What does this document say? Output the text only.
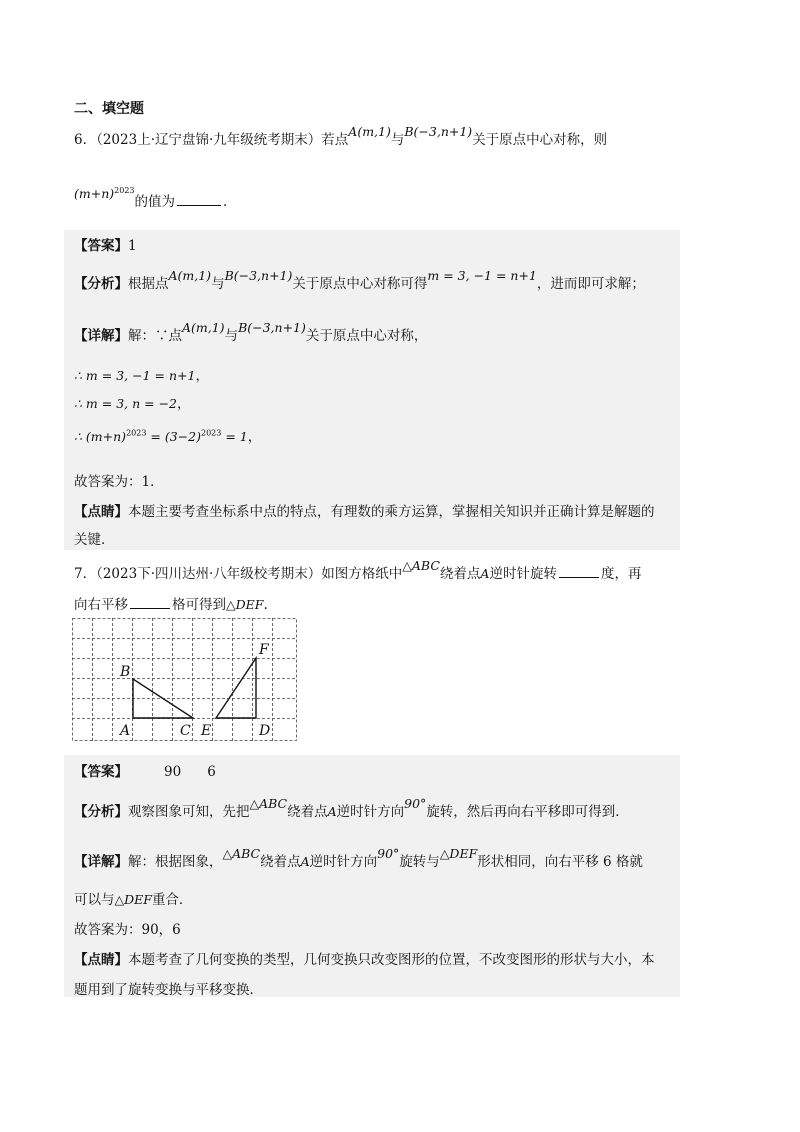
二、填空题
6．（2023上·辽宁盘锦·九年级统考期末）若点A(m,1)与B(−3,n+1)关于原点中心对称，则
$(m+n)^{2023}$的值为	.
【答案】1
【分析】根据点A(m,1)与B(−3,n+1)关于原点中心对称可得m = 3, −1 = n+1，进而即可求解；
【详解】解：∵点A(m,1)与B(−3,n+1)关于原点中心对称，
∴ m = 3, −1 = n+1，
∴ m = 3, n = −2，
∴ $(m+n)^{2023} = (3-2)^{2023} = 1$，
故答案为：1．
【点睛】本题主要考查坐标系中点的特点，有理数的乘方运算，掌握相关知识并正确计算是解题的
关键．
7．（2023下·四川达州·八年级校考期末）如图方格纸中△ABC绕着点A逆时针旋转	度，再
向右平移	格可得到△DEF.
B
A	C E	D
F
【答案】	90 6
【分析】观察图象可知，先把△ABC绕着点A逆时针方向90°旋转，然后再向右平移即可得到．
【详解】解：根据图象，△ABC绕着点A逆时针方向90°旋转与△DEF形状相同，向右平移 6 格就
可以与△DEF重合．
故答案为：90，6
【点睛】本题考查了几何变换的类型，几何变换只改变图形的位置，不改变图形的形状与大小，本
题用到了旋转变换与平移变换．
